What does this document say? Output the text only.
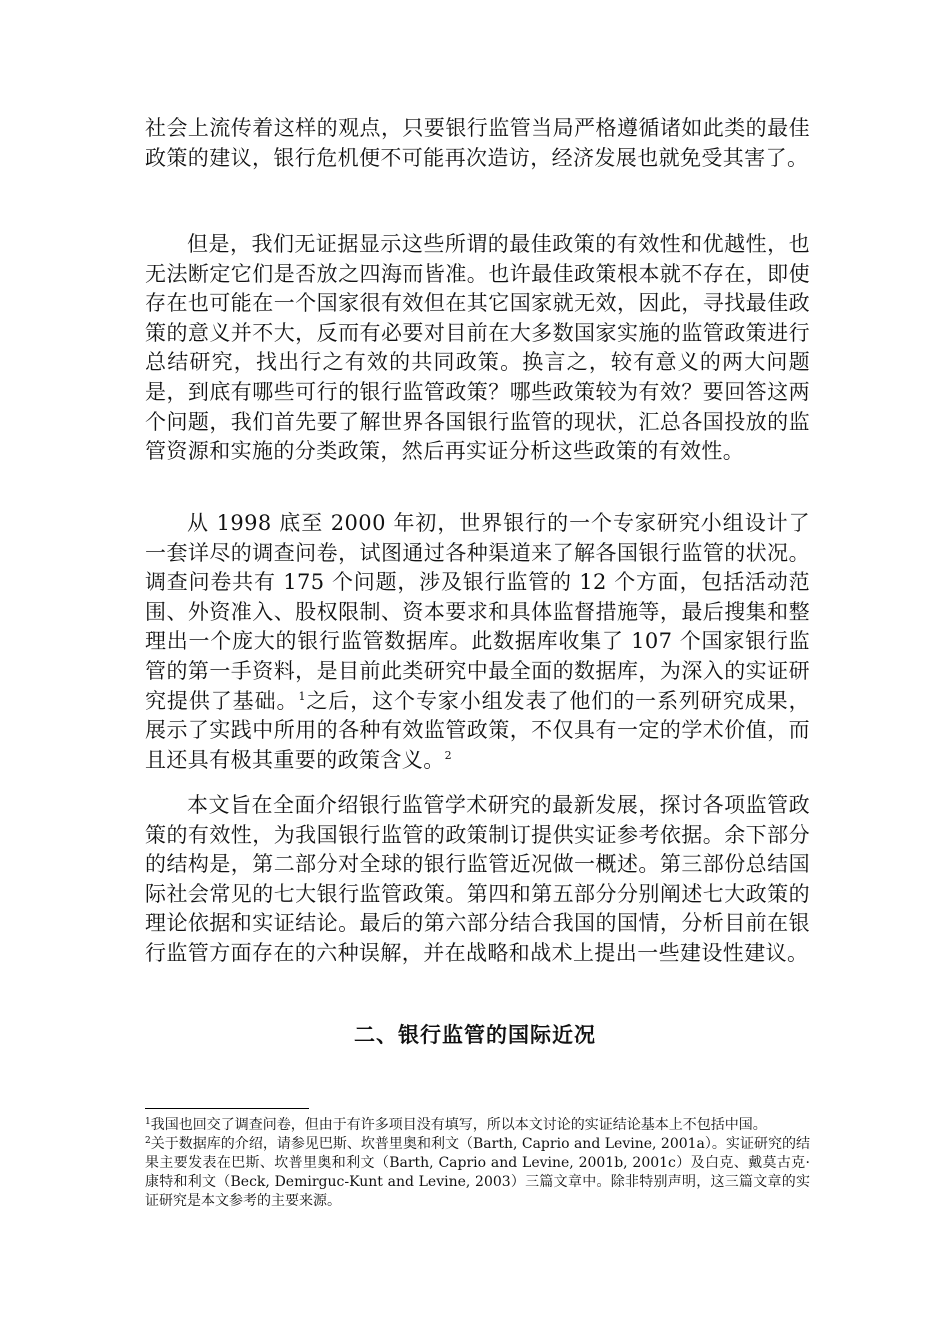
社会上流传着这样的观点，只要银行监管当局严格遵循诸如此类的最佳政策的建议，银行危机便不可能再次造访，经济发展也就免受其害了。

但是，我们无证据显示这些所谓的最佳政策的有效性和优越性，也无法断定它们是否放之四海而皆准。也许最佳政策根本就不存在，即使存在也可能在一个国家很有效但在其它国家就无效，因此，寻找最佳政策的意义并不大，反而有必要对目前在大多数国家实施的监管政策进行总结研究，找出行之有效的共同政策。换言之，较有意义的两大问题是，到底有哪些可行的银行监管政策？哪些政策较为有效？要回答这两个问题，我们首先要了解世界各国银行监管的现状，汇总各国投放的监管资源和实施的分类政策，然后再实证分析这些政策的有效性。

从 1998 底至 2000 年初，世界银行的一个专家研究小组设计了一套详尽的调查问卷，试图通过各种渠道来了解各国银行监管的状况。调查问卷共有 175 个问题，涉及银行监管的 12 个方面，包括活动范围、外资准入、股权限制、资本要求和具体监督措施等，最后搜集和整理出一个庞大的银行监管数据库。此数据库收集了 107 个国家银行监管的第一手资料，是目前此类研究中最全面的数据库，为深入的实证研究提供了基础。$^1$之后，这个专家小组发表了他们的一系列研究成果，展示了实践中所用的各种有效监管政策，不仅具有一定的学术价值，而且还具有极其重要的政策含义。$^2$

本文旨在全面介绍银行监管学术研究的最新发展，探讨各项监管政策的有效性，为我国银行监管的政策制订提供实证参考依据。余下部分的结构是，第二部分对全球的银行监管近况做一概述。第三部份总结国际社会常见的七大银行监管政策。第四和第五部分分别阐述七大政策的理论依据和实证结论。最后的第六部分结合我国的国情，分析目前在银行监管方面存在的六种误解，并在战略和战术上提出一些建设性建议。

二、银行监管的国际近况

$^1$我国也回交了调查问卷，但由于有许多项目没有填写，所以本文讨论的实证结论基本上不包括中国。

$^2$关于数据库的介绍，请参见巴斯、坎普里奥和利文（Barth, Caprio and Levine, 2001a）。实证研究的结果主要发表在巴斯、坎普里奥和利文（Barth, Caprio and Levine, 2001b, 2001c）及白克、戴莫古克·康特和利文（Beck, Demirguc-Kunt and Levine, 2003）三篇文章中。除非特别声明，这三篇文章的实证研究是本文参考的主要来源。
